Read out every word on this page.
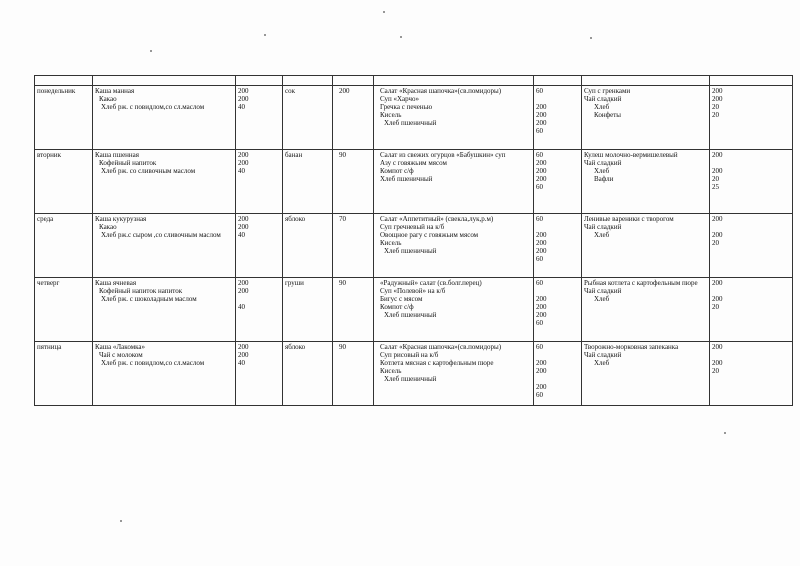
понедельник	Каша манная
Какао
Хлеб рж. с повидлом,со сл.маслом	200
200
40	сок	200	Салат «Красная шапочка»(св.помидоры)
Суп «Харчо»
Гречка с печенью
Кисель
Хлеб пшеничный	60
200
200
200
60	Суп с гренками
Чай сладкий
Хлеб
Конфеты	200
200
20
20

вторник	Каша пшенная
Кофейный напиток
Хлеб рж. со сливочным маслом	200
200
40	банан	90	Салат из свежих огурцов «Бабушкин» суп
Азу с говяжьим мясом
Компот с/ф
Хлеб пшеничный	60
200
200
200
60	Кулеш молочно-вермишелевый
Чай сладкий
Хлеб
Вафли	200
200
20
25

среда	Каша кукурузная
Какао
Хлеб рж.с сыром ,со сливочным маслом	200
200
40	яблоко	70	Салат «Аппетитный» (свекла,лук,р.м)
Суп гречневый на к/б
Овощное рагу с говяжьим мясом
Кисель
Хлеб пшеничный	60
200
200
200
60	Ленивые вареники с творогом
Чай сладкий
Хлеб	200
200
20

четверг	Каша ячневая
Кофейный напиток напиток
Хлеб рж. с шоколадным маслом	200
200
40	груши	90	«Радужный» салат (св.болг.перец)
Суп «Полевой» на к/б
Бигус с мясом
Компот с/ф
Хлеб пшеничный	60
200
200
200
60	Рыбная котлета с картофельным пюре
Чай сладкий
Хлеб	200
200
20

пятница	Каша «Лакомка»
Чай с молоком
Хлеб рж. с повидлом,со сл.маслом	200
200
40	яблоко	90	Салат «Красная шапочка»(св.помидоры)
Суп рисовый на к/б
Котлета мясная с картофельным пюре
Кисель
Хлеб пшеничный	60
200
200
200
60	Творожно-морковная запеканка
Чай сладкий
Хлеб	200
200
20
